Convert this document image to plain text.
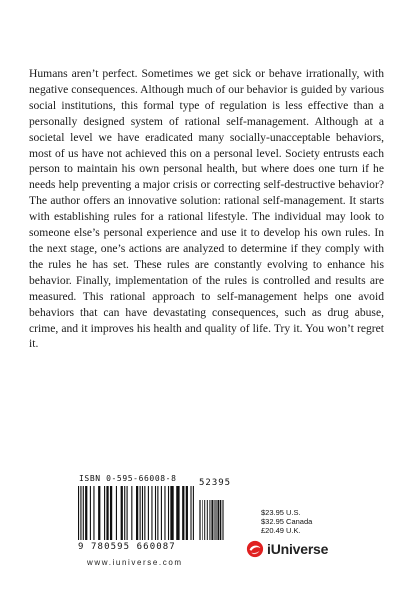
Humans aren’t perfect. Sometimes we get sick or behave irrationally, with negative consequences. Although much of our behavior is guided by various social institutions, this formal type of regulation is less effective than a personally designed system of rational self-management. Although at a societal level we have eradicated many socially-unacceptable behaviors, most of us have not achieved this on a personal level. Society entrusts each person to maintain his own personal health, but where does one turn if he needs help preventing a major crisis or correcting self-destructive behavior? The author offers an innovative solution: rational self-management. It starts with establishing rules for a rational lifestyle. The individual may look to someone else’s personal experience and use it to develop his own rules. In the next stage, one’s actions are analyzed to determine if they comply with the rules he has set. These rules are constantly evolving to enhance his behavior. Finally, implementation of the rules is controlled and results are measured. This rational approach to self-management helps one avoid behaviors that can have devastating consequences, such as drug abuse, crime, and it improves his health and quality of life. Try it. You won’t regret it.

ISBN 0-595-66008-8	52395
9 780595 660087
www.iuniverse.com
$23.95 U.S.
$32.95 Canada
£20.49 U.K.
iUniverse
